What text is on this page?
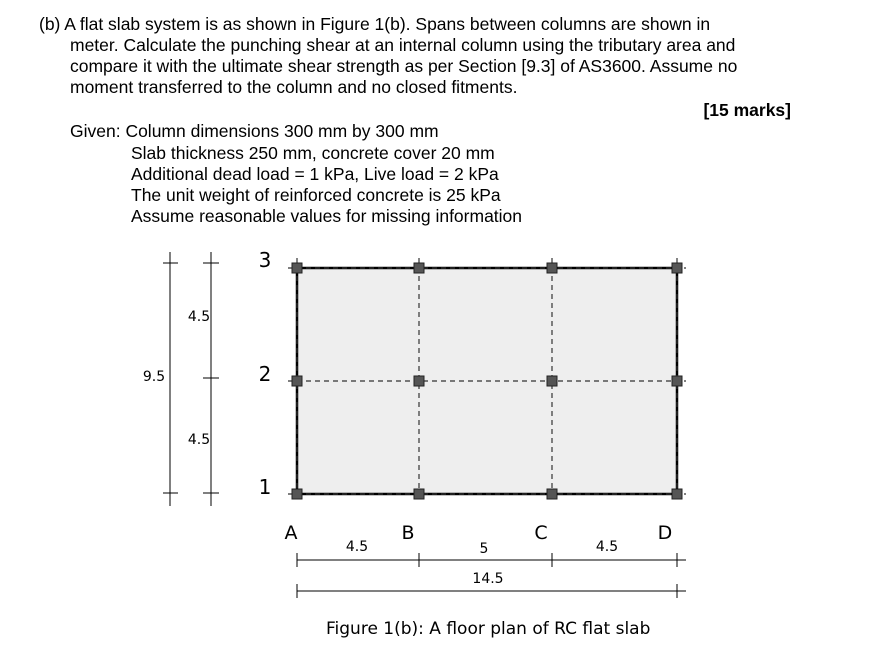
(b) A flat slab system is as shown in Figure 1(b). Spans between columns are shown in
meter. Calculate the punching shear at an internal column using the tributary area and
compare it with the ultimate shear strength as per Section [9.3] of AS3600. Assume no
moment transferred to the column and no closed fitments.
[15 marks]
Given: Column dimensions 300 mm by 300 mm
Slab thickness 250 mm, concrete cover 20 mm
Additional dead load = 1 kPa, Live load = 2 kPa
The unit weight of reinforced concrete is 25 kPa
Assume reasonable values for missing information
3
2
1
A	B	C	D
4.5
4.5
9.5
4.5	5	4.5
14.5
Figure 1(b): A floor plan of RC flat slab
